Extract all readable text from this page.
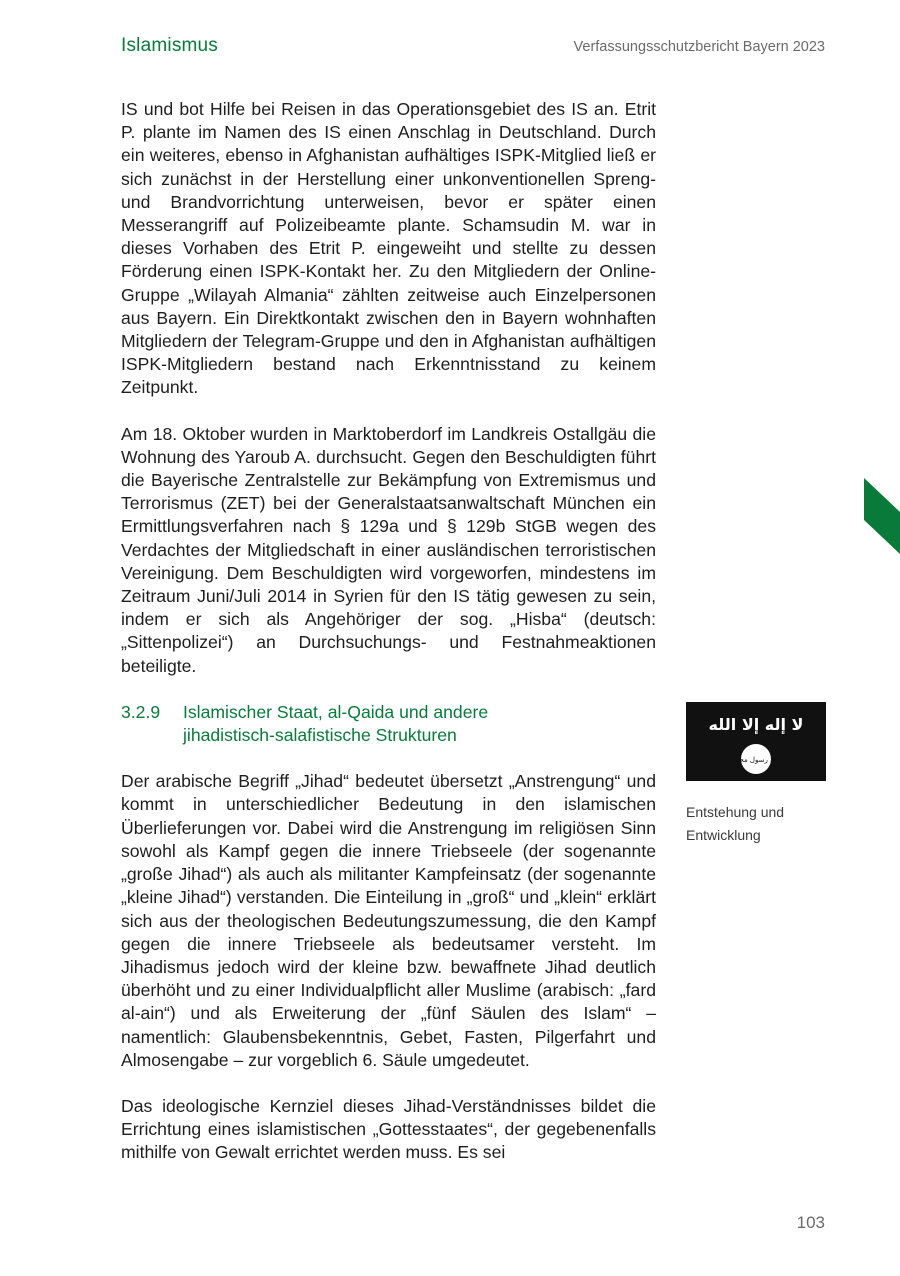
Islamismus	Verfassungsschutzbericht Bayern 2023

IS und bot Hilfe bei Reisen in das Operationsgebiet des IS an. Etrit P. plante im Namen des IS einen Anschlag in Deutschland. Durch ein weiteres, ebenso in Afghanistan aufhältiges ISPK-Mitglied ließ er sich zunächst in der Herstellung einer unkonventionellen Spreng- und Brandvorrichtung unterweisen, bevor er später einen Messerangriff auf Polizeibeamte plante. Schamsudin M. war in dieses Vorhaben des Etrit P. eingeweiht und stellte zu dessen Förderung einen ISPK-Kontakt her. Zu den Mitgliedern der Online-Gruppe „Wilayah Almania“ zählten zeitweise auch Einzelpersonen aus Bayern. Ein Direktkontakt zwischen den in Bayern wohnhaften Mitgliedern der Telegram-Gruppe und den in Afghanistan aufhältigen ISPK-Mitgliedern bestand nach Erkenntnisstand zu keinem Zeitpunkt.

Am 18. Oktober wurden in Marktoberdorf im Landkreis Ostallgäu die Wohnung des Yaroub A. durchsucht. Gegen den Beschuldigten führt die Bayerische Zentralstelle zur Bekämpfung von Extremismus und Terrorismus (ZET) bei der Generalstaatsanwaltschaft München ein Ermittlungsverfahren nach § 129a und § 129b StGB wegen des Verdachtes der Mitgliedschaft in einer ausländischen terroristischen Vereinigung. Dem Beschuldigten wird vorgeworfen, mindestens im Zeitraum Juni/Juli 2014 in Syrien für den IS tätig gewesen zu sein, indem er sich als Angehöriger der sog. „Hisba“ (deutsch: „Sittenpolizei“) an Durchsuchungs- und Festnahmeaktionen beteiligte.

3.2.9	Islamischer Staat, al-Qaida und andere
jihadistisch-salafistische Strukturen

Der arabische Begriff „Jihad“ bedeutet übersetzt „Anstrengung“ und kommt in unterschiedlicher Bedeutung in den islamischen Überlieferungen vor. Dabei wird die Anstrengung im religiösen Sinn sowohl als Kampf gegen die innere Triebseele (der sogenannte „große Jihad“) als auch als militanter Kampfeinsatz (der sogenannte „kleine Jihad“) verstanden. Die Einteilung in „groß“ und „klein“ erklärt sich aus der theologischen Bedeutungszumessung, die den Kampf gegen die innere Triebseele als bedeutsamer versteht. Im Jihadismus jedoch wird der kleine bzw. bewaffnete Jihad deutlich überhöht und zu einer Individualpflicht aller Muslime (arabisch: „fard al-ain“) und als Erweiterung der „fünf Säulen des Islam“ – namentlich: Glaubensbekenntnis, Gebet, Fasten, Pilgerfahrt und Almosengabe – zur vorgeblich 6. Säule umgedeutet.

Das ideologische Kernziel dieses Jihad-Verständnisses bildet die Errichtung eines islamistischen „Gottesstaates“, der gegebenenfalls mithilfe von Gewalt errichtet werden muss. Es sei

لا إله إلا الله
الله رسول محمد
Entstehung und
Entwicklung
103
